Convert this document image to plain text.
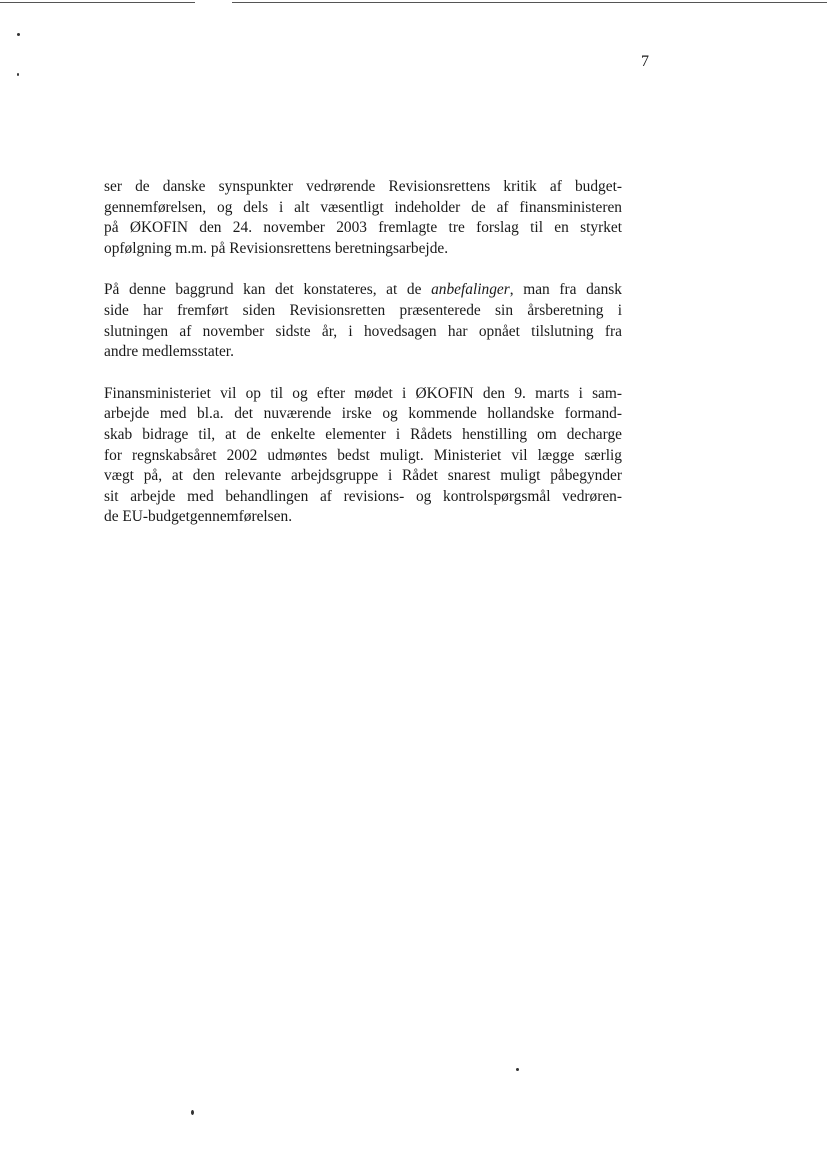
7

ser de danske synspunkter vedrørende Revisionsrettens kritik af budget-
gennemførelsen, og dels i alt væsentligt indeholder de af finansministeren
på ØKOFIN den 24. november 2003 fremlagte tre forslag til en styrket
opfølgning m.m. på Revisionsrettens beretningsarbejde.

På denne baggrund kan det konstateres, at de anbefalinger, man fra dansk
side har fremført siden Revisionsretten præsenterede sin årsberetning i
slutningen af november sidste år, i hovedsagen har opnået tilslutning fra
andre medlemsstater.

Finansministeriet vil op til og efter mødet i ØKOFIN den 9. marts i sam-
arbejde med bl.a. det nuværende irske og kommende hollandske formand-
skab bidrage til, at de enkelte elementer i Rådets henstilling om decharge
for regnskabsåret 2002 udmøntes bedst muligt. Ministeriet vil lægge særlig
vægt på, at den relevante arbejdsgruppe i Rådet snarest muligt påbegynder
sit arbejde med behandlingen af revisions- og kontrolspørgsmål vedrøren-
de EU-budgetgennemførelsen.
